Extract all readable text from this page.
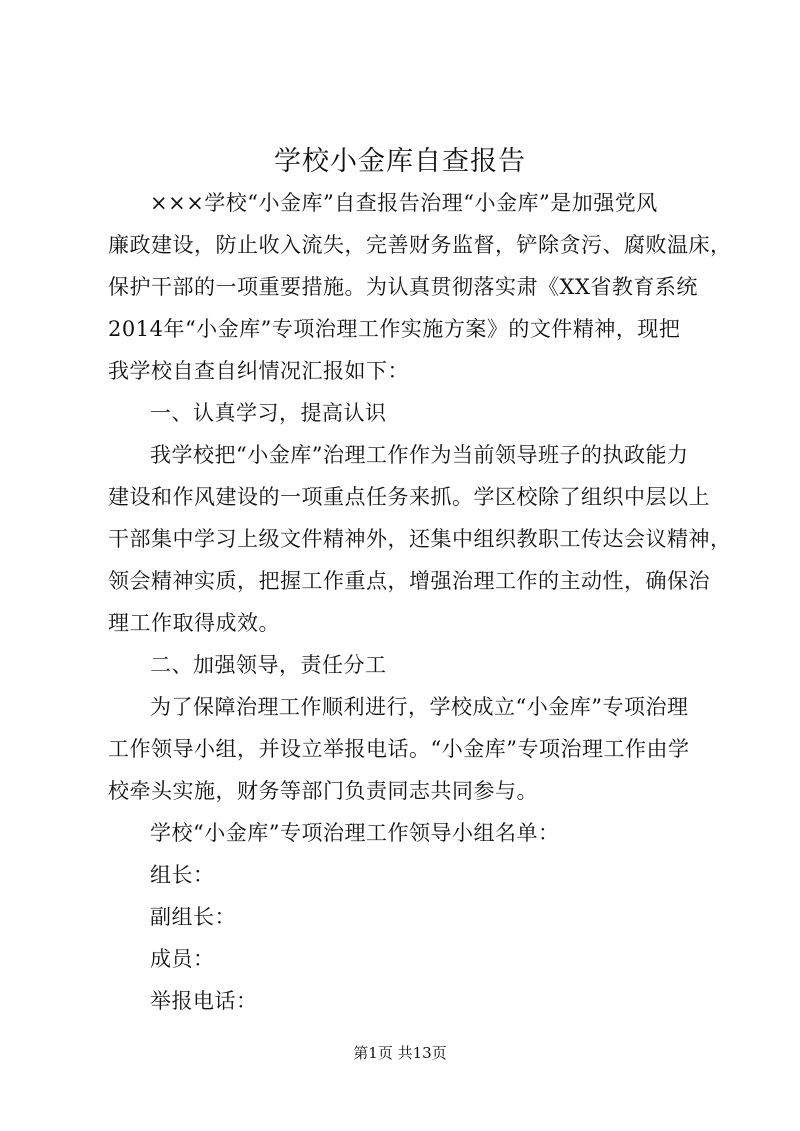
学校小金库自查报告
×××学校“小金库”自查报告治理“小金库”是加强党风
廉政建设，防止收入流失，完善财务监督，铲除贪污、腐败温床，
保护干部的一项重要措施。为认真贯彻落实肃《XX省教育系统
2014年“小金库”专项治理工作实施方案》的文件精神，现把
我学校自查自纠情况汇报如下：
一、认真学习，提高认识
我学校把“小金库”治理工作作为当前领导班子的执政能力
建设和作风建设的一项重点任务来抓。学区校除了组织中层以上
干部集中学习上级文件精神外，还集中组织教职工传达会议精神，
领会精神实质，把握工作重点，增强治理工作的主动性，确保治
理工作取得成效。
二、加强领导，责任分工
为了保障治理工作顺利进行，学校成立“小金库”专项治理
工作领导小组，并设立举报电话。“小金库”专项治理工作由学
校牵头实施，财务等部门负责同志共同参与。
学校“小金库”专项治理工作领导小组名单：
组长：
副组长：
成员：
举报电话：
第1页 共13页
